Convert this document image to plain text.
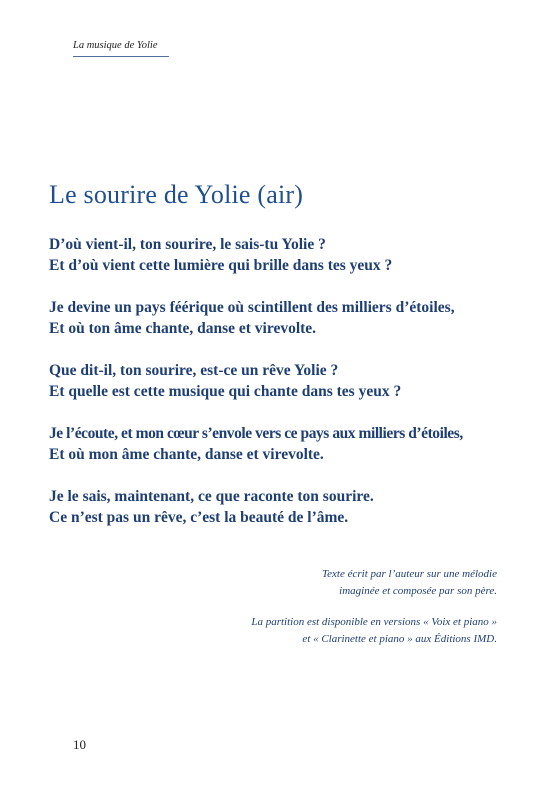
La musique de Yolie
Le sourire de Yolie (air)

D’où vient-il, ton sourire, le sais-tu Yolie ?
Et d’où vient cette lumière qui brille dans tes yeux ?

Je devine un pays féérique où scintillent des milliers d’étoiles,
Et où ton âme chante, danse et virevolte.

Que dit-il, ton sourire, est-ce un rêve Yolie ?
Et quelle est cette musique qui chante dans tes yeux ?

Je l’écoute, et mon cœur s’envole vers ce pays aux milliers d’étoiles,
Et où mon âme chante, danse et virevolte.

Je le sais, maintenant, ce que raconte ton sourire.
Ce n’est pas un rêve, c’est la beauté de l’âme.

Texte écrit par l’auteur sur une mélodie
imaginée et composée par son père.

La partition est disponible en versions « Voix et piano »
et « Clarinette et piano » aux Éditions IMD.

10
